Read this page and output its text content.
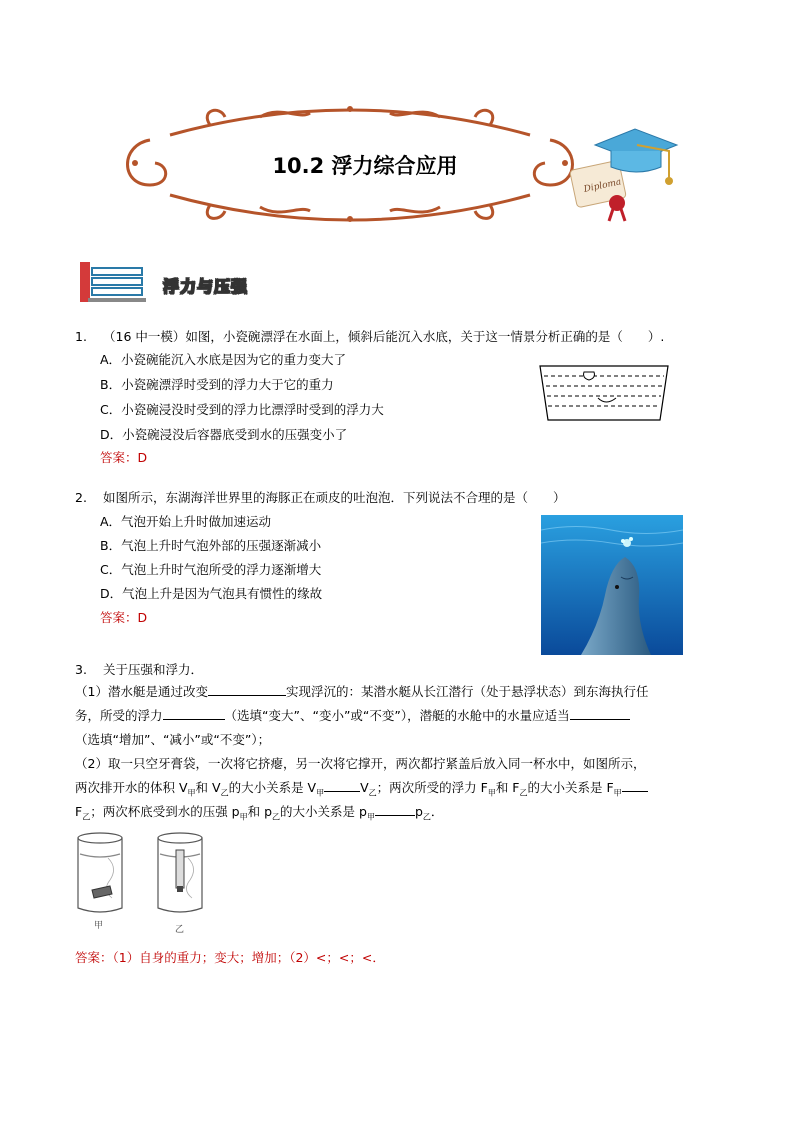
10.2 浮力综合应用
Diploma
浮力与压强
1. （16 中一模）如图，小瓷碗漂浮在水面上，倾斜后能沉入水底，关于这一情景分析正确的是（　　）.
A．小瓷碗能沉入水底是因为它的重力变大了
B．小瓷碗漂浮时受到的浮力大于它的重力
C．小瓷碗浸没时受到的浮力比漂浮时受到的浮力大
D．小瓷碗浸没后容器底受到水的压强变小了
答案：D
2. 如图所示，东湖海洋世界里的海豚正在顽皮的吐泡泡．下列说法不合理的是（　　）
A．气泡开始上升时做加速运动
B．气泡上升时气泡外部的压强逐渐减小
C．气泡上升时气泡所受的浮力逐渐增大
D．气泡上升是因为气泡具有惯性的缘故
答案：D
3. 关于压强和浮力．
（1）潜水艇是通过改变	实现浮沉的：某潜水艇从长江潜行（处于悬浮状态）到东海执行任
务，所受的浮力	（选填“变大”、“变小”或“不变”），潜艇的水舱中的水量应适当
（选填“增加”、“减小”或“不变”）；
（2）取一只空牙膏袋，一次将它挤瘪，另一次将它撑开，两次都拧紧盖后放入同一杯水中，如图所示，
两次排开水的体积 $V_甲$和 $V_乙$的大小关系是 $V_甲$	$V_乙$；两次所受的浮力 $F_甲$和 $F_乙$的大小关系是 $F_甲$
$F_乙$；两次杯底受到水的压强 $p_甲$和 $p_乙$的大小关系是 $p_甲$	$p_乙$．
甲	乙
答案：（1）自身的重力；变大；增加；（2）<；<；<．
